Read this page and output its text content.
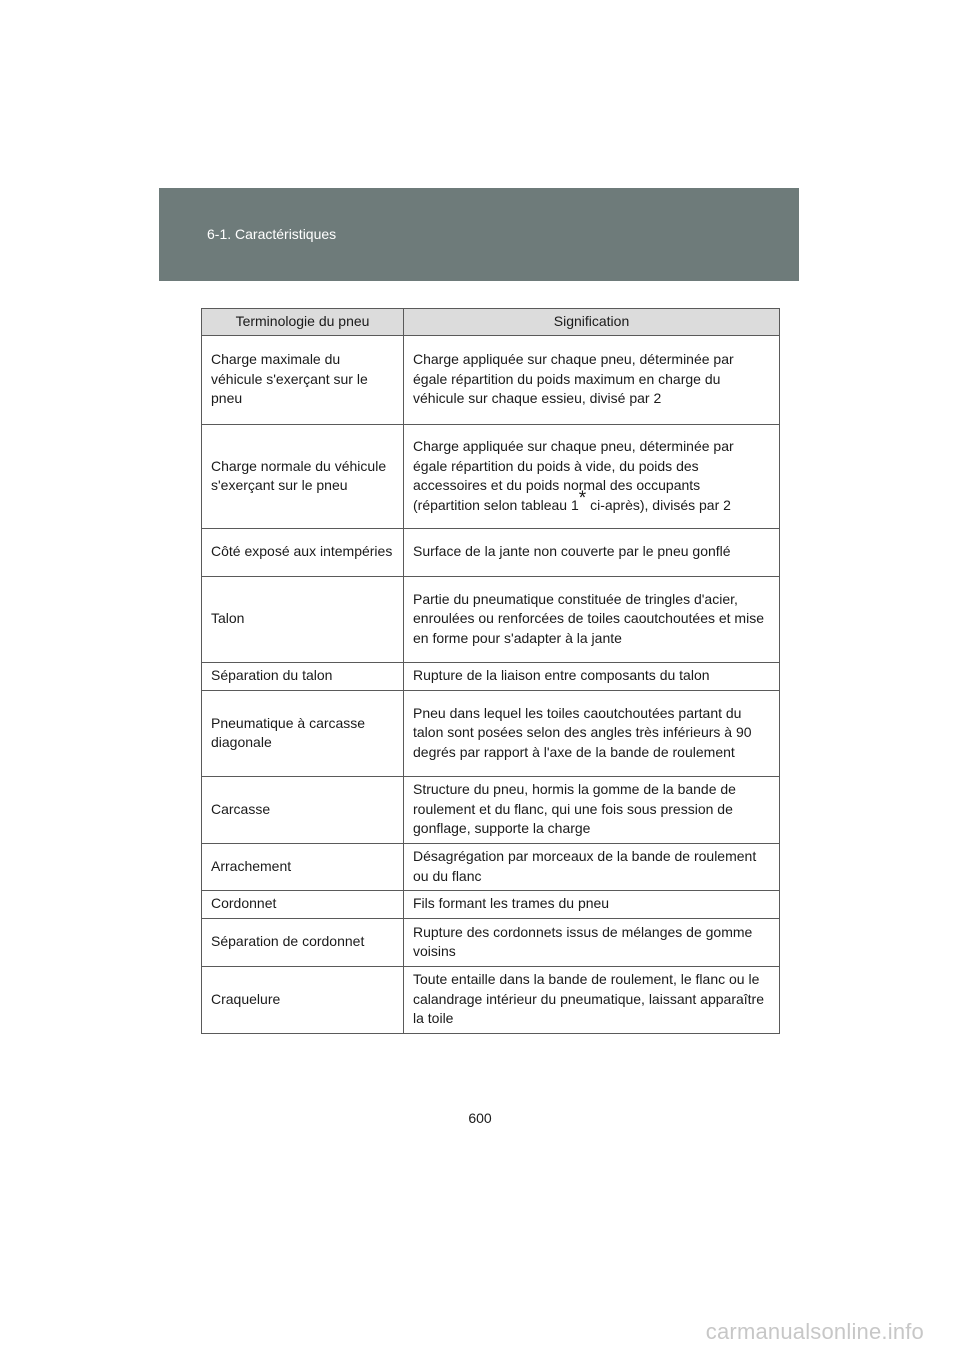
6-1. Caractéristiques
Terminologie du pneu	Signification
Charge maximale du véhicule s'exerçant sur le pneu	Charge appliquée sur chaque pneu, déterminée par égale répartition du poids maximum en charge du véhicule sur chaque essieu, divisé par 2
Charge normale du véhicule s'exerçant sur le pneu	Charge appliquée sur chaque pneu, déterminée par égale répartition du poids à vide, du poids des accessoires et du poids normal des occupants (répartition selon tableau 1* ci-après), divisés par 2
Côté exposé aux intempéries	Surface de la jante non couverte par le pneu gonflé
Talon	Partie du pneumatique constituée de tringles d'acier, enroulées ou renforcées de toiles caoutchoutées et mise en forme pour s'adapter à la jante
Séparation du talon	Rupture de la liaison entre composants du talon
Pneumatique à carcasse diagonale	Pneu dans lequel les toiles caoutchoutées partant du talon sont posées selon des angles très inférieurs à 90 degrés par rapport à l'axe de la bande de roulement
Carcasse	Structure du pneu, hormis la gomme de la bande de roulement et du flanc, qui une fois sous pression de gonflage, supporte la charge
Arrachement	Désagrégation par morceaux de la bande de roulement ou du flanc
Cordonnet	Fils formant les trames du pneu
Séparation de cordonnet	Rupture des cordonnets issus de mélanges de gomme voisins
Craquelure	Toute entaille dans la bande de roulement, le flanc ou le calandrage intérieur du pneumatique, laissant apparaître la toile
600
carmanualsonline.info
